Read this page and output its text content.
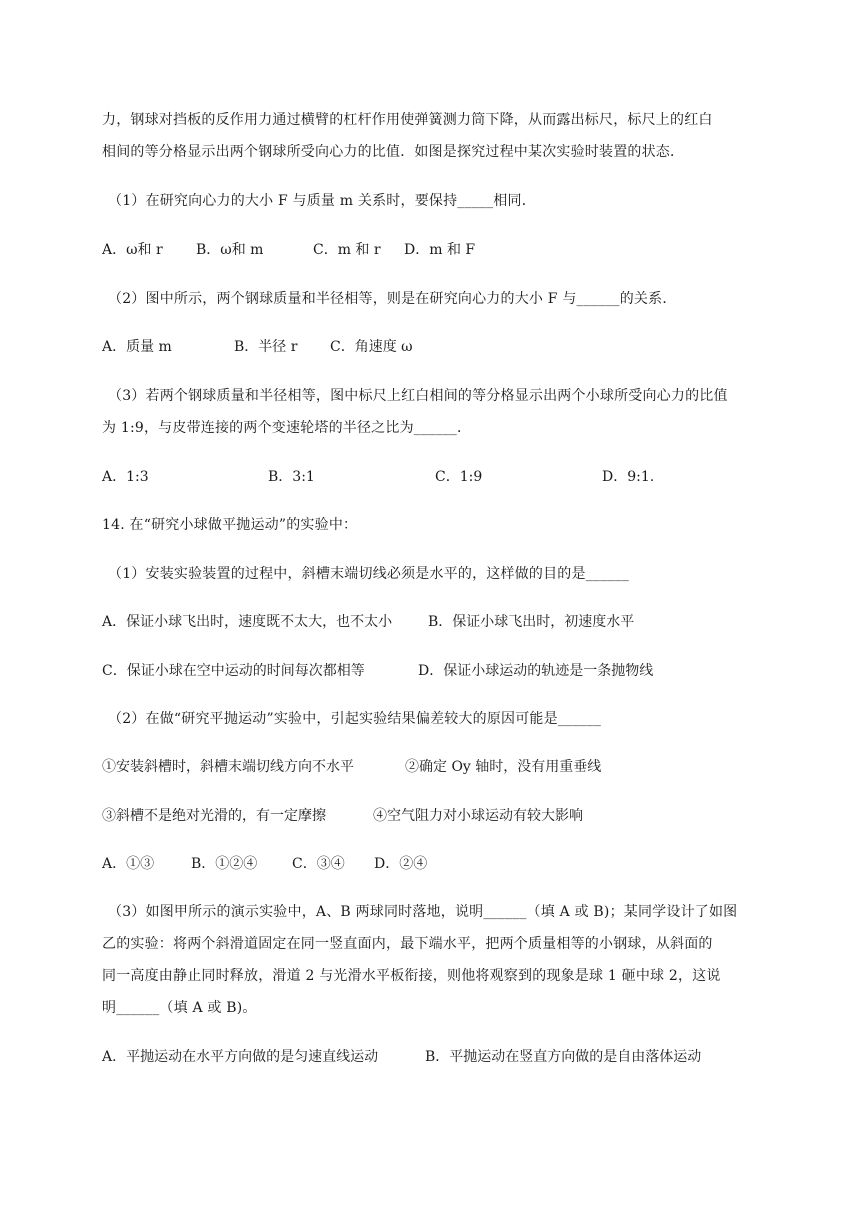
力，钢球对挡板的反作用力通过横臂的杠杆作用使弹簧测力筒下降，从而露出标尺，标尺上的红白
相间的等分格显示出两个钢球所受向心力的比值．如图是探究过程中某次实验时装置的状态．
（1）在研究向心力的大小 F 与质量 m 关系时，要保持_____相同．
A．ω和 r B．ω和 m	C．m 和 r D．m 和 F
（2）图中所示，两个钢球质量和半径相等，则是在研究向心力的大小 F 与______的关系．
A．质量 m	B．半径 r C．角速度 ω
（3）若两个钢球质量和半径相等，图中标尺上红白相间的等分格显示出两个小球所受向心力的比值
为 1:9，与皮带连接的两个变速轮塔的半径之比为______．
A．1:3	B．3:1	C．1:9	D．9:1.
14. 在“研究小球做平抛运动”的实验中：
（1）安装实验装置的过程中，斜槽末端切线必须是水平的，这样做的目的是______
A．保证小球飞出时，速度既不太大，也不太小	B．保证小球飞出时，初速度水平
C．保证小球在空中运动的时间每次都相等	D．保证小球运动的轨迹是一条抛物线
（2）在做“研究平抛运动”实验中，引起实验结果偏差较大的原因可能是______
①安装斜槽时，斜槽末端切线方向不水平	②确定 Oy 轴时，没有用重垂线
③斜槽不是绝对光滑的，有一定摩擦	④空气阻力对小球运动有较大影响
A．①③	B．①②④ C．③④ D．②④
（3）如图甲所示的演示实验中，A、B 两球同时落地，说明______（填 A 或 B)；某同学设计了如图
乙的实验：将两个斜滑道固定在同一竖直面内，最下端水平，把两个质量相等的小钢球，从斜面的
同一高度由静止同时释放，滑道 2 与光滑水平板衔接，则他将观察到的现象是球 1 砸中球 2，这说
明______（填 A 或 B)。
A．平抛运动在水平方向做的是匀速直线运动	B．平抛运动在竖直方向做的是自由落体运动
